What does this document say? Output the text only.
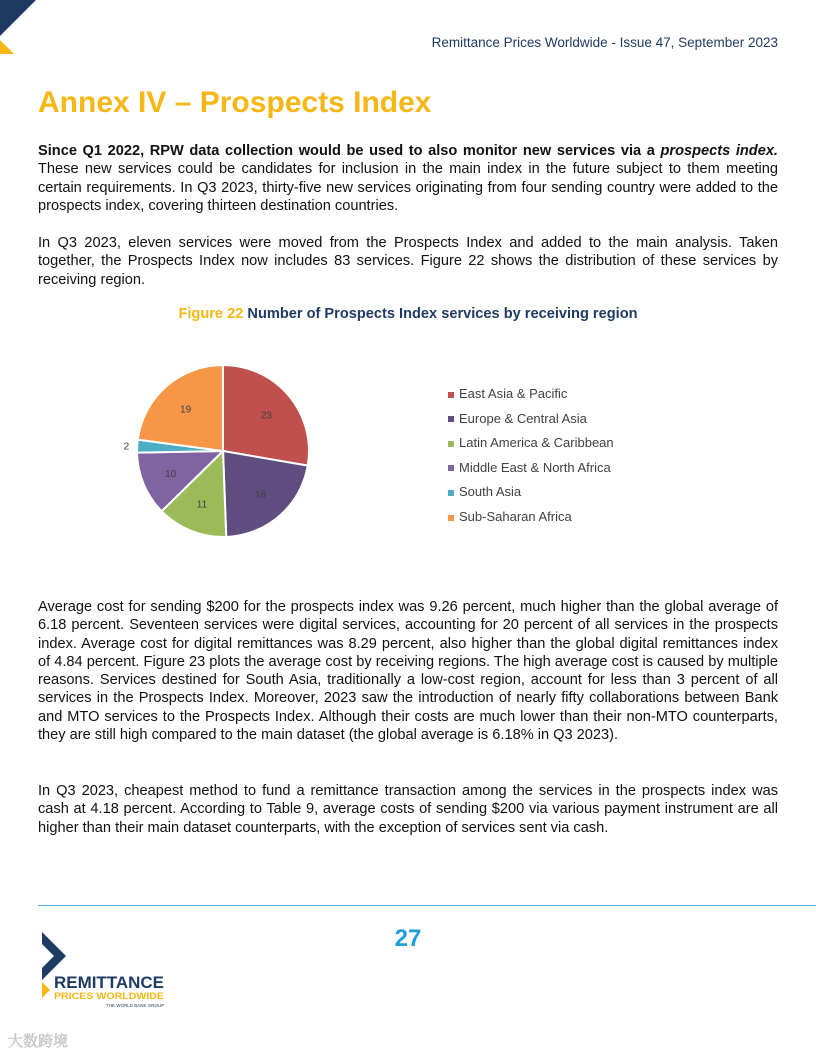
Remittance Prices Worldwide - Issue 47, September 2023
Annex IV – Prospects Index

Since Q1 2022, RPW data collection would be used to also monitor new services via a prospects index. These new services could be candidates for inclusion in the main index in the future subject to them meeting certain requirements. In Q3 2023, thirty-five new services originating from four sending country were added to the prospects index, covering thirteen destination countries.

In Q3 2023, eleven services were moved from the Prospects Index and added to the main analysis. Taken together, the Prospects Index now includes 83 services. Figure 22 shows the distribution of these services by receiving region.

Figure 22 Number of Prospects Index services by receiving region
23
18
11
10
2
19
East Asia & Pacific
Europe & Central Asia
Latin America & Caribbean
Middle East & North Africa
South Asia
Sub-Saharan Africa

Average cost for sending $200 for the prospects index was 9.26 percent, much higher than the global average of 6.18 percent. Seventeen services were digital services, accounting for 20 percent of all services in the prospects index. Average cost for digital remittances was 8.29 percent, also higher than the global digital remittances index of 4.84 percent. Figure 23 plots the average cost by receiving regions. The high average cost is caused by multiple reasons. Services destined for South Asia, traditionally a low-cost region, account for less than 3 percent of all services in the Prospects Index. Moreover, 2023 saw the introduction of nearly fifty collaborations between Bank and MTO services to the Prospects Index. Although their costs are much lower than their non-MTO counterparts, they are still high compared to the main dataset (the global average is 6.18% in Q3 2023).

In Q3 2023, cheapest method to fund a remittance transaction among the services in the prospects index was cash at 4.18 percent. According to Table 9, average costs of sending $200 via various payment instrument are all higher than their main dataset counterparts, with the exception of services sent via cash.

27
REMITTANCE
PRICES WORLDWIDE
THE WORLD BANK GROUP
大数跨境
